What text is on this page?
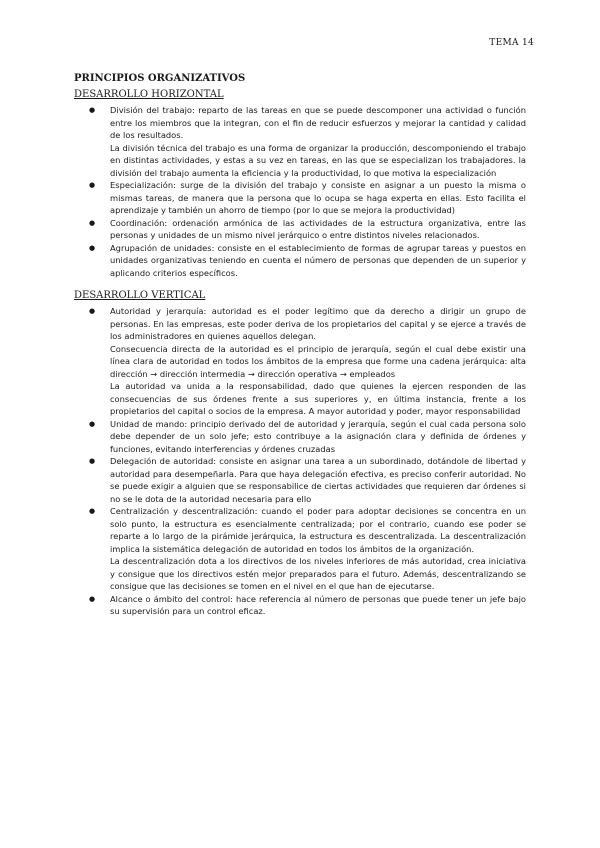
TEMA 14
PRINCIPIOS ORGANIZATIVOS
DESARROLLO HORIZONTAL

● División del trabajo: reparto de las tareas en que se puede descomponer una actividad o función entre los miembros que la integran, con el fin de reducir esfuerzos y mejorar la cantidad y calidad de los resultados.

La división técnica del trabajo es una forma de organizar la producción, descomponiendo el trabajo en distintas actividades, y estas a su vez en tareas, en las que se especializan los trabajadores. la división del trabajo aumenta la eficiencia y la productividad, lo que motiva la especialización

● Especialización: surge de la división del trabajo y consiste en asignar a un puesto la misma o mismas tareas, de manera que la persona que lo ocupa se haga experta en ellas. Esto facilita el aprendizaje y también un ahorro de tiempo (por lo que se mejora la productividad)

● Coordinación: ordenación armónica de las actividades de la estructura organizativa, entre las personas y unidades de un mismo nivel jerárquico o entre distintos niveles relacionados.

● Agrupación de unidades: consiste en el establecimiento de formas de agrupar tareas y puestos en unidades organizativas teniendo en cuenta el número de personas que dependen de un superior y aplicando criterios específicos.

DESARROLLO VERTICAL

● Autoridad y jerarquía: autoridad es el poder legítimo que da derecho a dirigir un grupo de personas. En las empresas, este poder deriva de los propietarios del capital y se ejerce a través de los administradores en quienes aquellos delegan.

Consecuencia directa de la autoridad es el principio de jerarquía, según el cual debe existir una línea clara de autoridad en todos los ámbitos de la empresa que forme una cadena jerárquica: alta dirección → dirección intermedia → dirección operativa → empleados

La autoridad va unida a la responsabilidad, dado que quienes la ejercen responden de las consecuencias de sus órdenes frente a sus superiores y, en última instancia, frente a los propietarios del capital o socios de la empresa. A mayor autoridad y poder, mayor responsabilidad

● Unidad de mando: principio derivado del de autoridad y jerarquía, según el cual cada persona solo debe depender de un solo jefe; esto contribuye a la asignación clara y definida de órdenes y funciones, evitando interferencias y órdenes cruzadas

● Delegación de autoridad: consiste en asignar una tarea a un subordinado, dotándole de libertad y autoridad para desempeñarla. Para que haya delegación efectiva, es preciso conferir autoridad. No se puede exigir a alguien que se responsabilice de ciertas actividades que requieren dar órdenes si no se le dota de la autoridad necesaria para ello

● Centralización y descentralización: cuando el poder para adoptar decisiones se concentra en un solo punto, la estructura es esencialmente centralizada; por el contrario, cuando ese poder se reparte a lo largo de la pirámide jerárquica, la estructura es descentralizada. La descentralización implica la sistemática delegación de autoridad en todos los ámbitos de la organización.

La descentralización dota a los directivos de los niveles inferiores de más autoridad, crea iniciativa y consigue que los directivos estén mejor preparados para el futuro. Además, descentralizando se consigue que las decisiones se tomen en el nivel en el que han de ejecutarse.

● Alcance o ámbito del control: hace referencia al número de personas que puede tener un jefe bajo su supervisión para un control eficaz.
